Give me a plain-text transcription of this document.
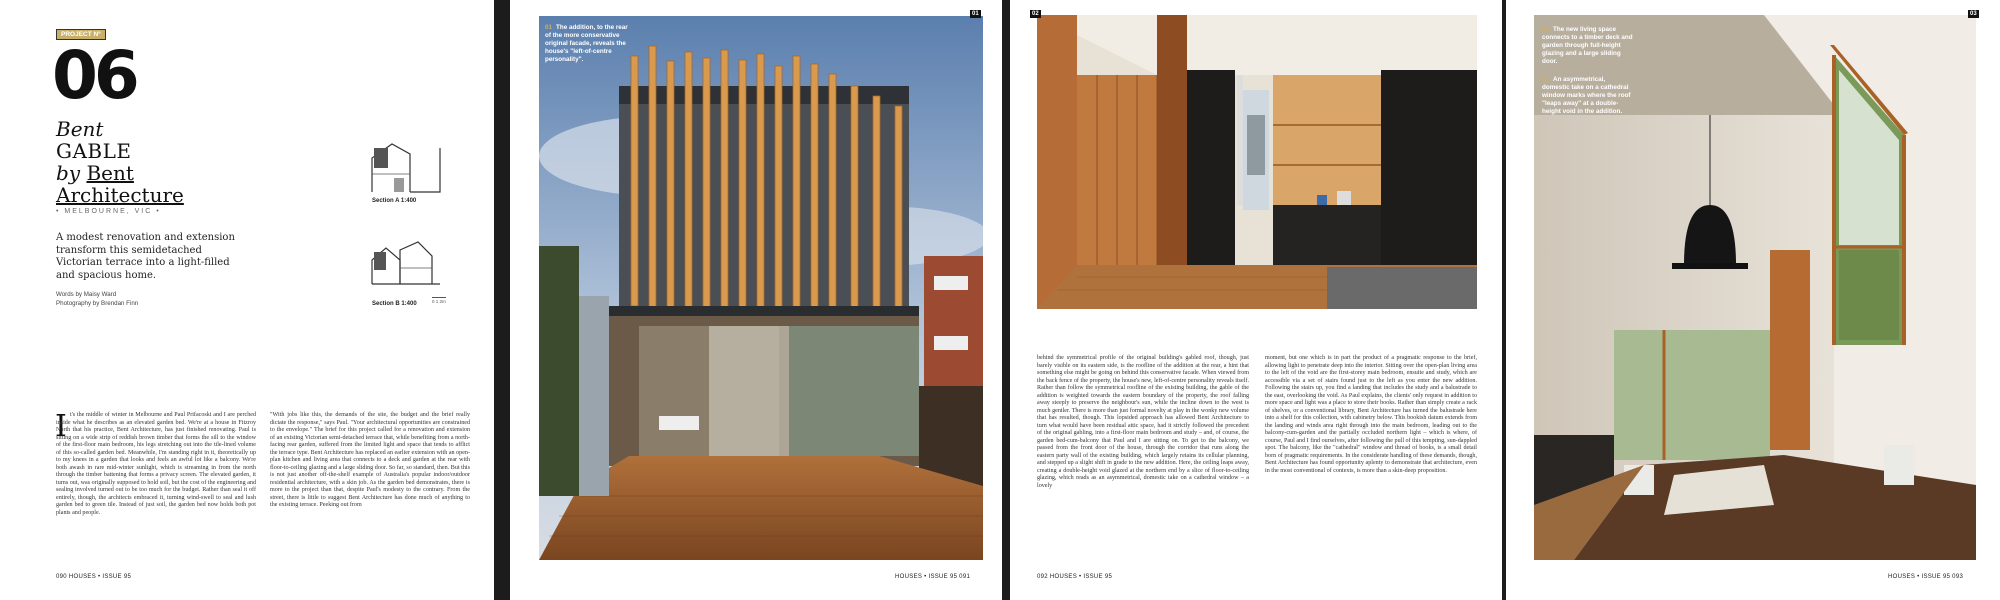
PROJECT Nº
06
Bent
GABLE
by Bent
Architecture
• MELBOURNE, VIC •
A modest renovation and extension transform this semidetached Victorian terrace into a light-filled and spacious home.
Words by Maisy Ward
Photography by Brendan Finn
Section A 1:400
Section B 1:400	0 1 2m
I t's the middle of winter in Melbourne and Paul Prifacoski and I are perched inside what he describes as an elevated garden bed. We're at a house in Fitzroy North that his practice, Bent Architecture, has just finished renovating. Paul is sitting on a wide strip of reddish brown timber that forms the sill to the window of the first-floor main bedroom, his legs stretching out into the tile-lined volume of this so-called garden bed. Meanwhile, I'm standing right in it, theoretically up to my knees in a garden that looks and feels an awful lot like a balcony. We're both awash in rare mid-winter sunlight, which is streaming in from the north through the timber battening that forms a privacy screen. The elevated garden, it turns out, was originally supposed to hold soil, but the cost of the engineering and sealing involved turned out to be too much for the budget. Rather than seal it off entirely, though, the architects embraced it, turning wind-swell to seal and lush garden bed to green tile. Instead of just soil, the garden bed now holds both pot plants and people.
"With jobs like this, the demands of the site, the budget and the brief really dictate the response," says Paul. "Your architectural opportunities are constrained to the envelope." The brief for this project called for a renovation and extension of an existing Victorian semi-detached terrace that, while benefiting from a north-facing rear garden, suffered from the limited light and space that tends to afflict the terrace type. Bent Architecture has replaced an earlier extension with an open-plan kitchen and living area that connects to a deck and garden at the rear with floor-to-ceiling glazing and a large sliding door. So far, so standard, then. But this is not just another off-the-shelf example of Australia's popular indoor/outdoor residential architecture, with a skin job. As the garden bed demonstrates, there is more to the project than that, despite Paul's modesty to the contrary. From the street, there is little to suggest Bent Architecture has done much of anything to the existing terrace. Peeking out from
090 HOUSES • ISSUE 95
01
01 The addition, to the rear of the more conservative original facade, reveals the house's "left-of-centre personality".
HOUSES • ISSUE 95 091
02
behind the symmetrical profile of the original building's gabled roof, though, just barely visible on its eastern side, is the roofline of the addition at the rear, a hint that something else might be going on behind this conservative facade. When viewed from the back fence of the property, the house's new, left-of-centre personality reveals itself. Rather than follow the symmetrical roofline of the existing building, the gable of the addition is weighted towards the eastern boundary of the property, the roof falling away steeply to preserve the neighbour's sun, while the incline down to the west is much gentler. There is more than just formal novelty at play in the wonky new volume that has resulted, though. This lopsided approach has allowed Bent Architecture to turn what would have been residual attic space, had it strictly followed the precedent of the original gabling, into a first-floor main bedroom and study – and, of course, the garden bed-cum-balcony that Paul and I are sitting on. To get to the balcony, we passed from the front door of the house, through the corridor that runs along the eastern party wall of the existing building, which largely retains its cellular planning, and stepped up a slight shift in grade to the new addition. Here, the ceiling leaps away, creating a double-height void glazed at the northern end by a slice of floor-to-ceiling glazing, which reads as an asymmetrical, domestic take on a cathedral window – a lovely
moment, but one which is in part the product of a pragmatic response to the brief, allowing light to penetrate deep into the interior. Sitting over the open-plan living area to the left of the void are the first-storey main bedroom, ensuite and study, which are accessible via a set of stairs found just to the left as you enter the new addition. Following the stairs up, you find a landing that includes the study and a balustrade to the east, overlooking the void. As Paul explains, the clients' only request in addition to more space and light was a place to store their books. Rather than simply create a rack of shelves, or a conventional library, Bent Architecture has turned the balustrade here into a shelf for this collection, with cabinetry below. This bookish datum extends from the landing and winds area right through into the main bedroom, leading out to the balcony-cum-garden and the partially occluded northern light – which is where, of course, Paul and I find ourselves, after following the pull of this tempting, sun-dappled spot. The balcony, like the "cathedral" window and thread of books, is a small detail born of pragmatic requirements. In the considerate handling of these demands, though, Bent Architecture has found opportunity aplenty to demonstrate that architecture, even in the most conventional of contexts, is more than a skin-deep proposition.
092 HOUSES • ISSUE 95
03
02 The new living space connects to a timber deck and garden through full-height glazing and a large sliding door.
03 An asymmetrical, domestic take on a cathedral window marks where the roof "leaps away" at a double-height void in the addition.
HOUSES • ISSUE 95 093
